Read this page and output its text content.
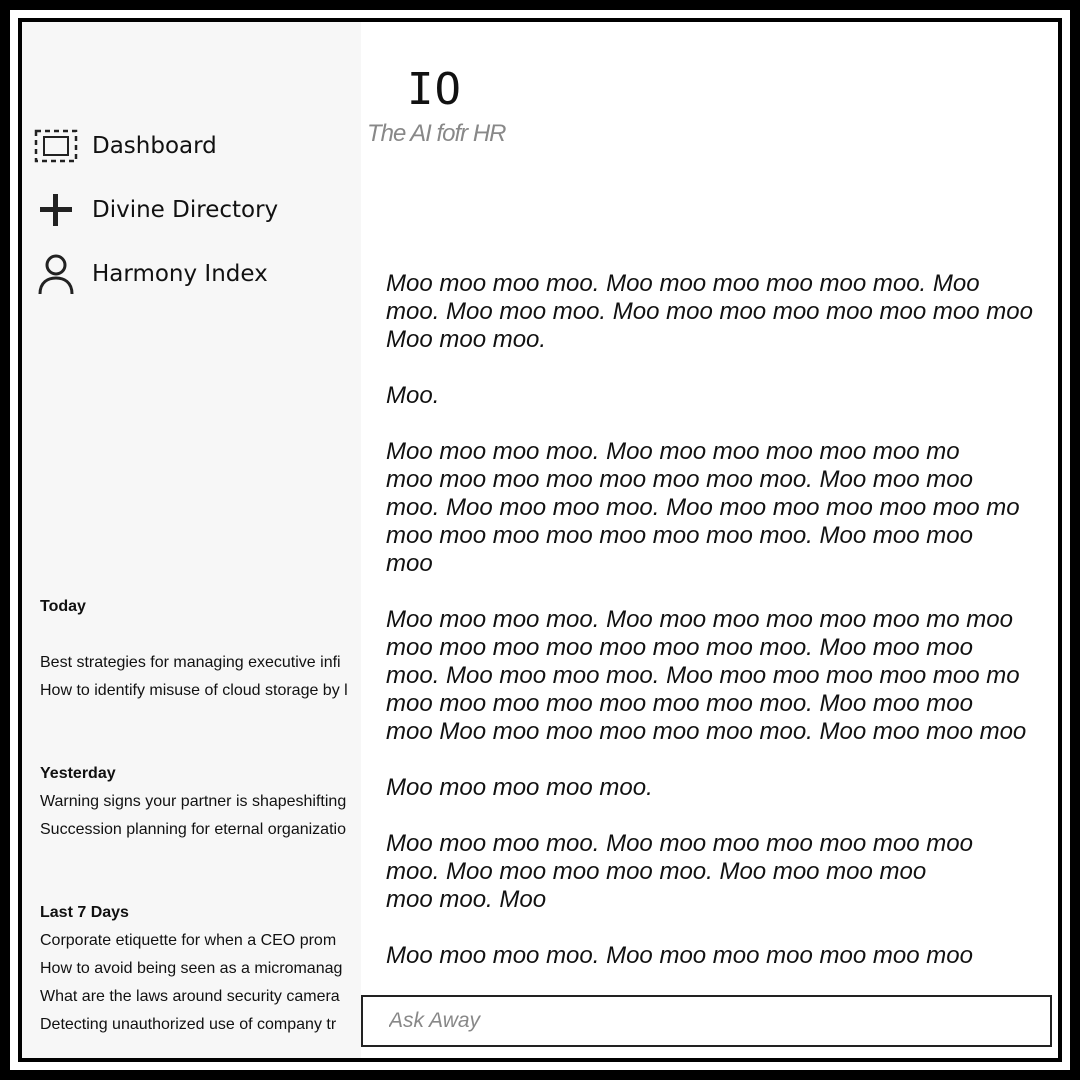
Dashboard
Divine Directory
Harmony Index
Today
Best strategies for managing executive infi
How to identify misuse of cloud storage by l
Yesterday
Warning signs your partner is shapeshifting
Succession planning for eternal organizatio
Last 7 Days
Corporate etiquette for when a CEO prom
How to avoid being seen as a micromanag
What are the laws around security camera
Detecting unauthorized use of company tr
IO
The AI fofr HR

Moo moo moo moo. Moo moo moo moo moo moo. Moo
moo. Moo moo moo. Moo moo moo moo moo moo moo moo
Moo moo moo.

Moo.

Moo moo moo moo. Moo moo moo moo moo moo mo
moo moo moo moo moo moo moo moo. Moo moo moo
moo. Moo moo moo moo. Moo moo moo moo moo moo mo
moo moo moo moo moo moo moo moo. Moo moo moo
moo

Moo moo moo moo. Moo moo moo moo moo moo mo moo
moo moo moo moo moo moo moo moo. Moo moo moo
moo. Moo moo moo moo. Moo moo moo moo moo moo mo
moo moo moo moo moo moo moo moo. Moo moo moo
moo Moo moo moo moo moo moo moo. Moo moo moo moo

Moo moo moo moo moo.

Moo moo moo moo. Moo moo moo moo moo moo moo
moo. Moo moo moo moo moo. Moo moo moo moo
moo moo. Moo

Moo moo moo moo. Moo moo moo moo moo moo moo

Ask Away
